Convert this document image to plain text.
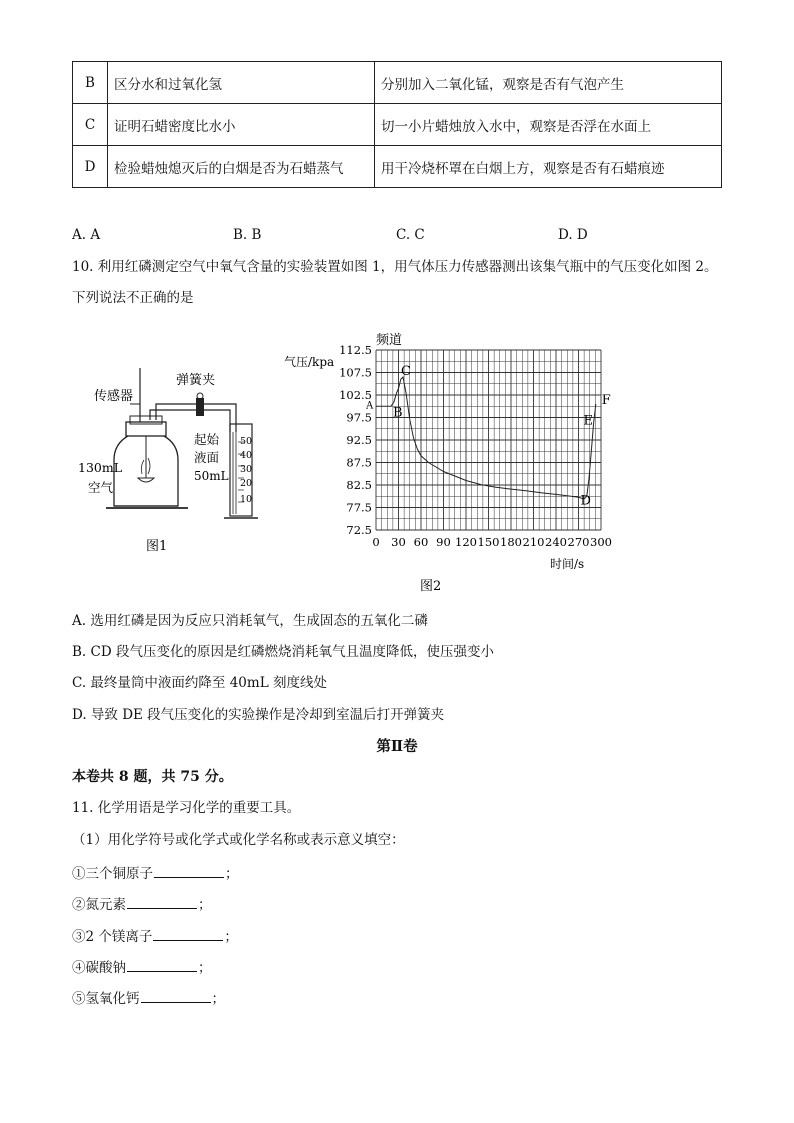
B	区分水和过氧化氢	分别加入二氧化锰，观察是否有气泡产生
C	证明石蜡密度比水小	切一小片蜡烛放入水中，观察是否浮在水面上
D	检验蜡烛熄灭后的白烟是否为石蜡蒸气	用干冷烧杯罩在白烟上方，观察是否有石蜡痕迹
A. A	B. B	C. C	D. D
10. 利用红磷测定空气中氧气含量的实验装置如图 1，用气体压力传感器测出该集气瓶中的气压变化如图 2。
下列说法不正确的是
传感器
130mL
空气
弹簧夹
50
40
30
20
10
起始
液面
50mL
图1
72.5
77.5
82.5
87.5
92.5
97.5
102.5
107.5
112.5
0 30 60 90 120 150 180 210 240 270 300
A B
C
D
E
F
频道
气压/kpa
时间/s
图2
A. 选用红磷是因为反应只消耗氧气，生成固态的五氧化二磷
B. CD 段气压变化的原因是红磷燃烧消耗氧气且温度降低，使压强变小
C. 最终量筒中液面约降至 40mL 刻度线处
D. 导致 DE 段气压变化的实验操作是冷却到室温后打开弹簧夹
第Ⅱ卷
本卷共 8 题，共 75 分。
11. 化学用语是学习化学的重要工具。
（1）用化学符号或化学式或化学名称或表示意义填空：
①三个铜原子	；
②氮元素	；
③2 个镁离子	；
④碳酸钠	；
⑤氢氧化钙	；
